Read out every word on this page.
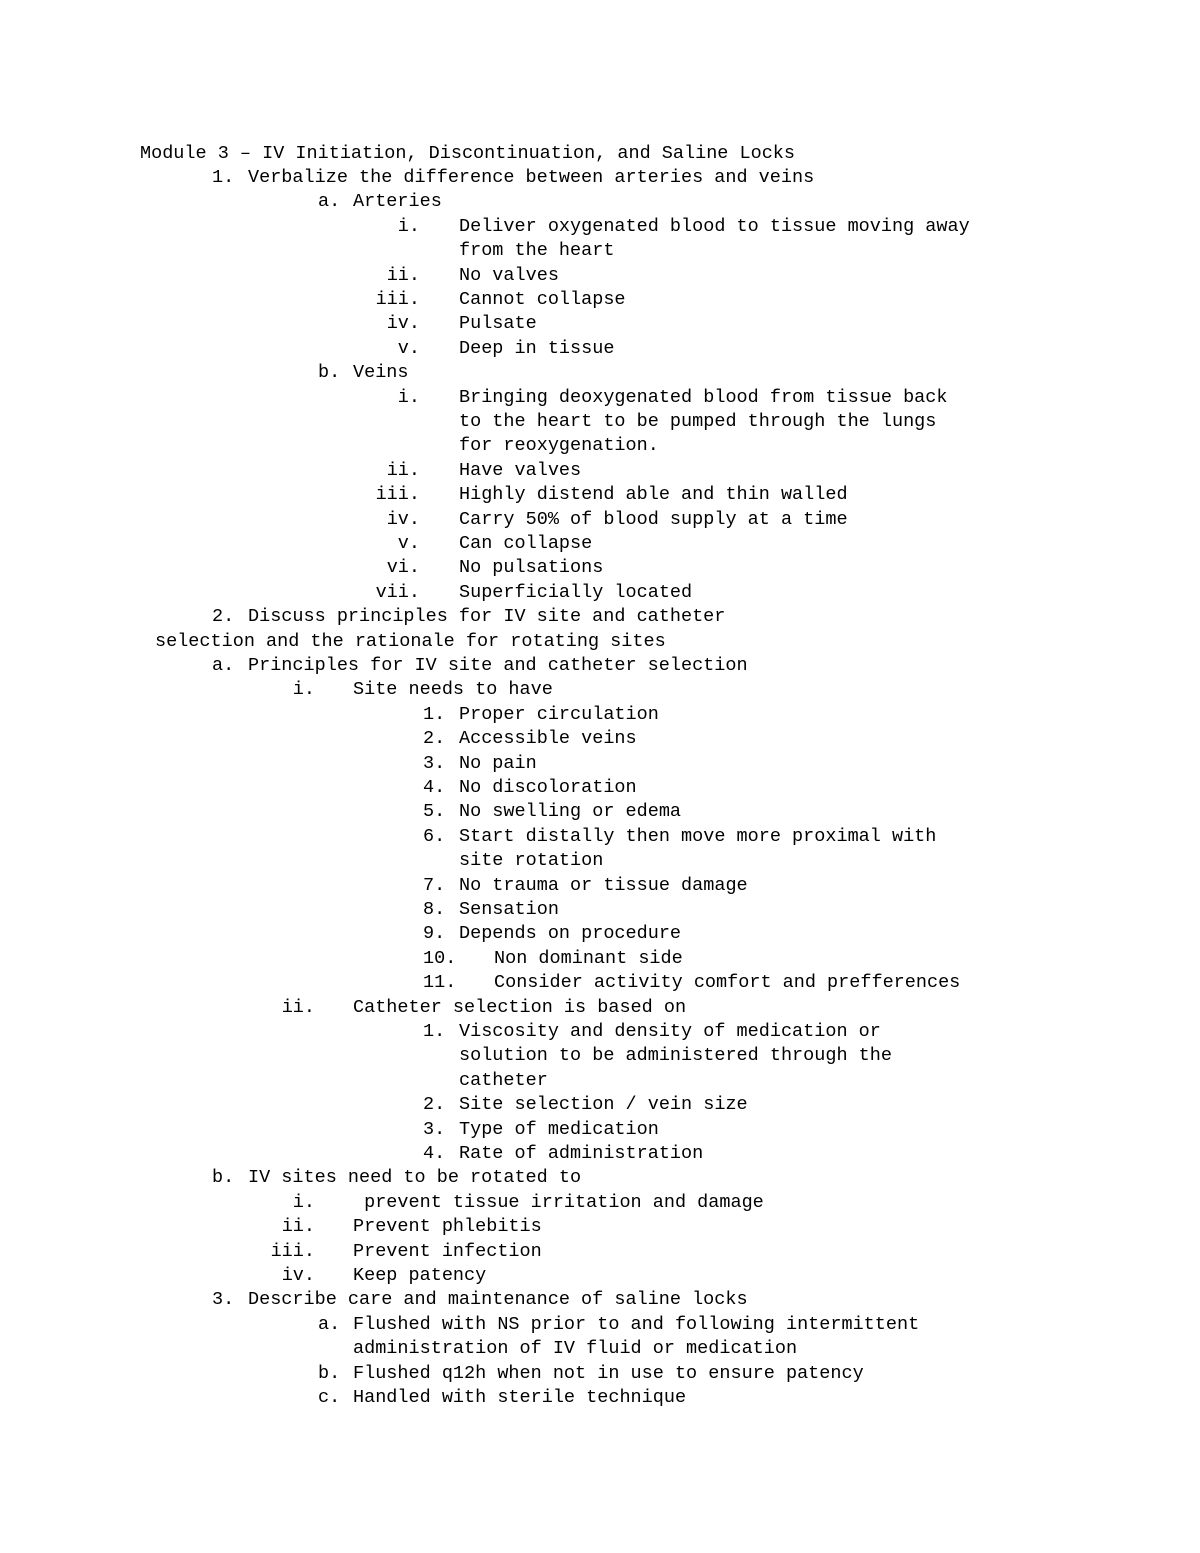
Module 3 – IV Initiation, Discontinuation, and Saline Locks
1. Verbalize the difference between arteries and veins
a. Arteries
i. Deliver oxygenated blood to tissue moving away
from the heart
ii. No valves
iii. Cannot collapse
iv. Pulsate
v. Deep in tissue
b. Veins
i. Bringing deoxygenated blood from tissue back
to the heart to be pumped through the lungs
for reoxygenation.
ii. Have valves
iii. Highly distend able and thin walled
iv. Carry 50% of blood supply at a time
v. Can collapse
vi. No pulsations
vii. Superficially located
2. Discuss principles for IV site and catheter
selection and the rationale for rotating sites
a. Principles for IV site and catheter selection
i. Site needs to have
1. Proper circulation
2. Accessible veins
3. No pain
4. No discoloration
5. No swelling or edema
6. Start distally then move more proximal with
site rotation
7. No trauma or tissue damage
8. Sensation
9. Depends on procedure
10. Non dominant side
11. Consider activity comfort and prefferences
ii. Catheter selection is based on
1. Viscosity and density of medication or
solution to be administered through the
catheter
2. Site selection / vein size
3. Type of medication
4. Rate of administration
b. IV sites need to be rotated to
i. prevent tissue irritation and damage
ii. Prevent phlebitis
iii. Prevent infection
iv. Keep patency
3. Describe care and maintenance of saline locks
a. Flushed with NS prior to and following intermittent
administration of IV fluid or medication
b. Flushed q12h when not in use to ensure patency
c. Handled with sterile technique
